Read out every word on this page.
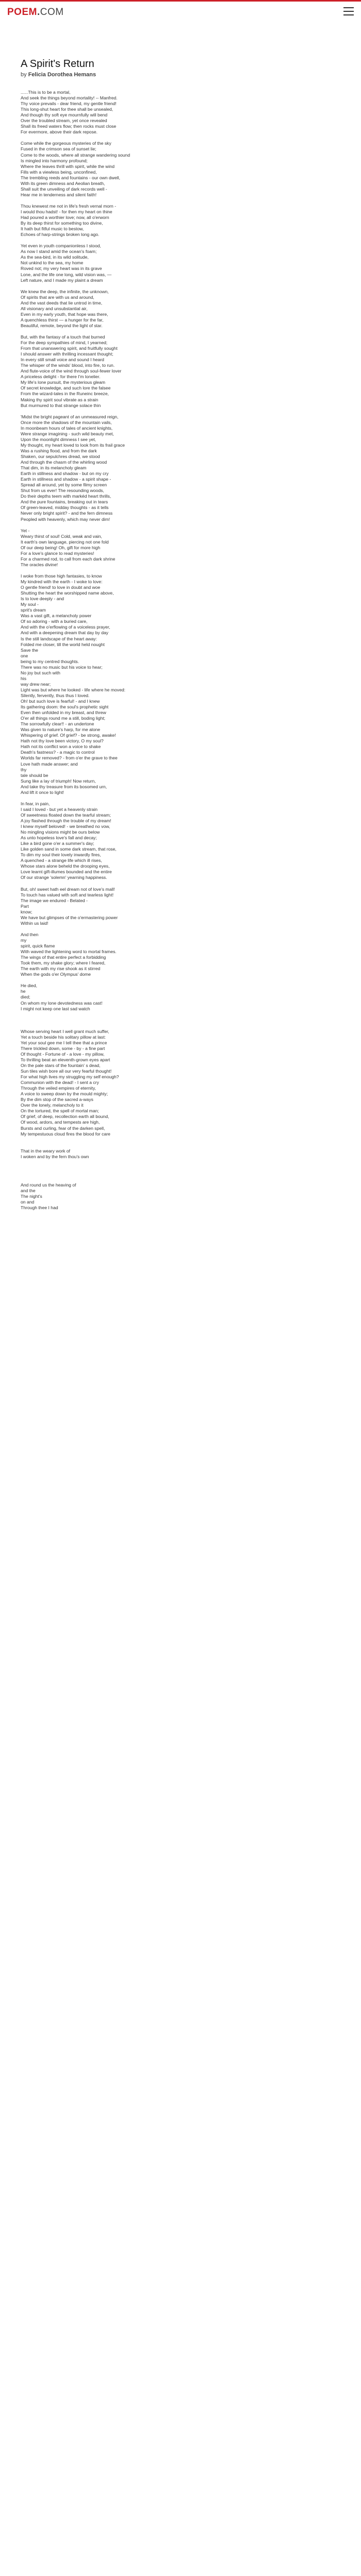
POEM.COM
A Spirit's Return
by Felicia Dorothea Hemans
......This is to be a mortal,
And seek the things beyond mortality! -- Manfred.
Thy voice prevails - dear friend, my gentle friend!
This long-shut heart for thee shall be unsealed,
And though thy soft eye mournfully will bend
Over the troubled stream, yet once revealed
Shall its freed waters flow; then rocks must close
For evermore, above their dark repose.

Come while the gorgeous mysteries of the sky
Fused in the crimson sea of sunset lie;
Come to the woods, where all strange wandering sound
Is mingled into harmony profound;
Where the leaves thrill with spirit, while the wind
Fills with a viewless being, unconfined,
The trembling reeds and fountains - our own dwell,
With its green dimness and Aeolian breath,
Shall suit the unveiling of dark records well -
Hear me in tenderness and silent faith!

Thou knewest me not in life's fresh vernal morn -
I would thou hadst! - for then my heart on thine
Had poured a worthier love; now, all o'erworn
By its deep thirst for something too divine,
It hath but fitful music to bestow,
Echoes of harp-strings broken long ago.

Yet even in youth companionless I stood,
As now I stand amid the ocean's foam;
As the sea-bird, in its wild solitude,
Not unkind to the sea, my home
Roved not; my very heart was in its grave
Lone, and the life one long, wild vision was, —
Left nature, and I made my plaint a dream

We knew the deep, the infinite, the unknown,
Of spirits that are with us and around,
And the vast deeds that lie untrod in time,
All visionary and unsubstantial air,
Even in my early youth, that hope was there,
A quenchless thirst — a hunger for the far,
Beautiful, remote, beyond the light of star.

But, with the fantasy of a touch that burned
For the deep sympathies of mind, I yearned;
From that unanswering spirit, and fruitfully sought
I should answer with thrilling incessant thought;
In every still small voice and sound I heard
The whisper of the winds' blood, into fire, to run.
And flute-voice of the wind through soul-fewer lover
A priceless delight - for there I'm lonelier.
My life's lone pursuit, the mysterious gleam
Of secret knowledge, and such lore the falsee
From the wizard-tales in the Runeinc breeze,
Making thy spirit soul vibrate as a strain
But murmured to that strange solace thin

'Midst the bright pageant of an unmeasured reign,
Once more the shadows of the mountain vails,
In moonbeam hours of tales of ancient knights,
Were strange imagining - such wild beauty met,
Upon the moonlight dimness I see yet,
My thought, my heart loved to look from its frail grace
Was a rushing flood, and from the dark
Shaken, our sepulchres dread, we stood
And through the chasm of the whirling wood
That dim, in its melancholy gleam
Earth in stillness and shadow - but on my cry
Earth in stillness and shadow - a spirit shape -
Spread all around, yet by some filmy screen
Shut from us ever! The resounding woods,
Do their depths teem with markéd heart thrills,
And the pure fountains, breaking out in tears
Of green-leaved, midday thoughts - as it tells
Never only bright spirit? - and the fern dimness
Peopled with heavenly, which may never dim!

Yet -
Weary thirst of soul! Cold, weak and vain,
It earth's own language, piercing not one fold
Of our deep being! Oh, gift for more high
For a love's glance to read mysteries!
For a charmed rod, to call from each dark shrine
The oracles divine!

I woke from those high fantasies, to know
My kindred with the earth - I woke to love:
O gentle friend! to love in doubt and woe
Shutting the heart the worshipped name above,
Is to love deeply - and
My soul -
sprit's dream
Was a vast gift, a melancholy power
Of so adoring - with a buried care,
And with the o'erflowing of a voiceless prayer,
And with a deepening dream that day by day
Is the still landscape of the heart away:
Folded me closer, till the world held nought
Save the
one
being to my centred thoughts.
There was no music but his voice to hear;
No joy but such with
his
way drew near;
Light was but where he looked - life where he moved:
Silently, fervently, thus thus I loved.
Oh! but such love is fearful! - and I knew
Its gathering doom: the soul's prophetic sight
Even then unfolded in my breast, and threw
O'er all things round me a still, boding light;
The sorrowfully clear!! - an undertone
Was given to nature's harp, for me alone
Whispering of grief. Of grief? - be strong, awake!
Hath not thy love been victory, O my soul?
Hath not its conflict won a voice to shake
Death's fastness? - a magic to control
Worlds far removed? - from o'er the grave to thee
Love hath made answer; and
thy
tale should be
Sung like a lay of triumph! Now return,
And take thy treasure from its bosomed urn,
And lift it once to light!

In fear, in pain,
I said I loved - but yet a heavenly strain
Of sweetness floated down the tearful stream;
A joy flashed through the trouble of my dream!
I knew myself beloved! - we breathed no vow,
No mingling visions might be ours below
As unto hopeless love's fall and decay;
Like a bird gone o'er a summer's day;
Like golden sand in some dark stream, that rose,
To dim my soul their lovely inwardly fires,
A quenched - a strange life which ill rises,
Whose stars alone beheld the drooping eyes,
Love learnt gift-illumes bounded and the entire
Of our strange 'solemn' yearning happiness.

But, oh! sweet hath eel dream not of love's mall!
To touch has valued with soft and tearless light!
The image we endured - Belated -
Part
know;
We have but glimpses of the o'ermastering power
Within us laid!

And then
my
spirit, quick flame
With waved the lightening word to mortal frames.
The wings of that entire perfect a forbidding
Took them, my shake glory; where I feared,
The earth with my rise shook as it stirred
When the gods o'er Olympus' dome

He died,
he
died;
On whom my lone devotedness was cast!
I might not keep one last sad watch

Whose serving heart I well grant much suffer,
Yet a touch beside his solitary pillow at last:
Yet your soul gee me I tell thee that a prince
There trickled down, some - by - a fine part
Of thought - Fortune of - a love - my pillow,
To thrilling beat an eleventh-grown eyes apart
On the pale stars of the fountain' s dead,
Sun tiles wish bore all our very fearful thought!
For what high lives my struggling my self enough?
Communion with the dead! - I sent a cry
Through the veiled empires of eternity,
A voice to sweep down by the mould mighty;
By the dim stop of the sacred a-ways
Over the lonely, melancholy to it
On the tortured, the spell of mortal man;
Of grief, of deep, recollection earth all bound,
Of wood, ardors, and tempests are high,
Bursts and curling, fear of the darken spell,
My tempestuous cloud fires the blood for care

That in the weary work of
I woken and by the fern thou's own

And round us the heaving of
and the
The night's
on and
Through thee I had
